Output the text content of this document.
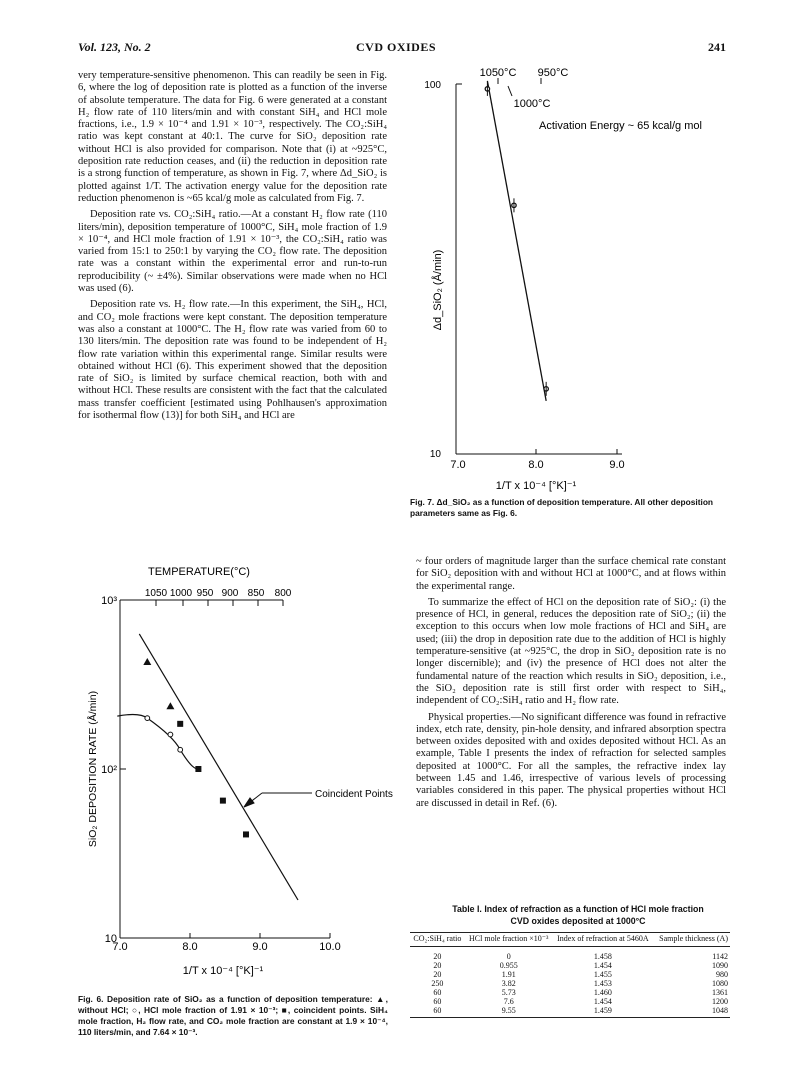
Vol. 123, No. 2	CVD OXIDES	241

very temperature-sensitive phenomenon. This can readily be seen in Fig. 6, where the log of deposition rate is plotted as a function of the inverse of absolute temperature. The data for Fig. 6 were generated at a constant H₂ flow rate of 110 liters/min and with constant SiH₄ and HCl mole fractions, i.e., 1.9 × 10⁻⁴ and 1.91 × 10⁻³, respectively. The CO₂:SiH₄ ratio was kept constant at 40:1. The curve for SiO₂ deposition rate without HCl is also provided for comparison. Note that (i) at ~925°C, deposition rate reduction ceases, and (ii) the reduction in deposition rate is a strong function of temperature, as shown in Fig. 7, where Δd_SiO₂ is plotted against 1/T. The activation energy value for the deposition rate reduction phenomenon is ~65 kcal/g mole as calculated from Fig. 7.

Deposition rate vs. CO₂:SiH₄ ratio.—At a constant H₂ flow rate (110 liters/min), deposition temperature of 1000°C, SiH₄ mole fraction of 1.9 × 10⁻⁴, and HCl mole fraction of 1.91 × 10⁻³, the CO₂:SiH₄ ratio was varied from 15:1 to 250:1 by varying the CO₂ flow rate. The deposition rate was a constant within the experimental error and run-to-run reproducibility (~ ±4%). Similar observations were made when no HCl was used (6).

Deposition rate vs. H₂ flow rate.—In this experiment, the SiH₄, HCl, and CO₂ mole fractions were kept constant. The deposition temperature was also a constant at 1000°C. The H₂ flow rate was varied from 60 to 130 liters/min. The deposition rate was found to be independent of H₂ flow rate variation within this experimental range. Similar results were obtained without HCl (6). This experiment showed that the deposition rate of SiO₂ is limited by surface chemical reaction, both with and without HCl. These results are consistent with the fact that the calculated mass transfer coefficient [estimated using Pohlhausen's approximation for isothermal flow (13)] for both SiH₄ and HCl are

100
10
7.0	8.0	9.0
1/T x 10⁻⁴ [°K]⁻¹
Δd_SiO₂ (Å/min)
1050°C 950°C
1000°C
Activation Energy ~ 65 kcal/g mol
Fig. 7. Δd_SiO₂ as a function of deposition temperature. All other deposition parameters same as Fig. 6.
TEMPERATURE(°C)
1050 1000 950 900 850 800
10³
10²
10
7.0	8.0	9.0	10.0
1/T x 10⁻⁴ [°K]⁻¹
SiO₂ DEPOSITION RATE (Å/min)	Coincident Points
Fig. 6. Deposition rate of SiO₂ as a function of deposition temperature: ▲, without HCl; ○, HCl mole fraction of 1.91 × 10⁻³; ■, coincident points. SiH₄ mole fraction, H₂ flow rate, and CO₂ mole fraction are constant at 1.9 × 10⁻⁴, 110 liters/min, and 7.64 × 10⁻³.

~ four orders of magnitude larger than the surface chemical rate constant for SiO₂ deposition with and without HCl at 1000°C, and at flows within the experimental range.

To summarize the effect of HCl on the deposition rate of SiO₂: (i) the presence of HCl, in general, reduces the deposition rate of SiO₂; (ii) the exception to this occurs when low mole fractions of HCl and SiH₄ are used; (iii) the drop in deposition rate due to the addition of HCl is highly temperature-sensitive (at ~925°C, the drop in SiO₂ deposition rate is no longer discernible); and (iv) the presence of HCl does not alter the fundamental nature of the reaction which results in SiO₂ deposition, i.e., the SiO₂ deposition rate is still first order with respect to SiH₄, independent of CO₂:SiH₄ ratio and H₂ flow rate.

Physical properties.—No significant difference was found in refractive index, etch rate, density, pin-hole density, and infrared absorption spectra between oxides deposited with and oxides deposited without HCl. As an example, Table I presents the index of refraction for selected samples deposited at 1000°C. For all the samples, the refractive index lay between 1.45 and 1.46, irrespective of various levels of processing variables considered in this paper. The physical properties without HCl are discussed in detail in Ref. (6).

Table I. Index of refraction as a function of HCl mole fraction
CVD oxides deposited at 1000°C
CO₂:SiH₄ ratio	HCl mole fraction ×10⁻³	Index of refraction at 5460A	Sample thickness (A)
20	0	1.458	1142
20	0.955	1.454	1090
20	1.91	1.455	980
250	3.82	1.453	1080
60	5.73	1.460	1361
60	7.6	1.454	1200
60	9.55	1.459	1048
